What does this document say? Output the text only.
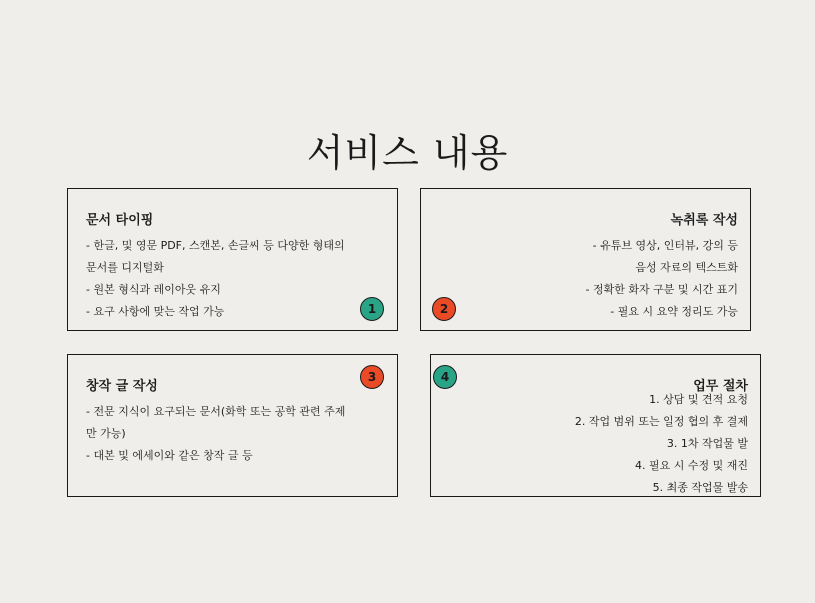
서비스 내용
문서 타이핑
- 한글, 및 영문 PDF, 스캔본, 손글씨 등 다양한 형태의
문서를 디지털화
- 원본 형식과 레이아웃 유지
- 요구 사항에 맞는 작업 가능	1
녹취록 작성
- 유튜브 영상, 인터뷰, 강의 등
음성 자료의 텍스트화
- 정확한 화자 구분 및 시간 표기
- 필요 시 요약 정리도 가능
2
창작 글 작성
- 전문 지식이 요구되는 문서(화학 또는 공학 관련 주제
만 가능)
- 대본 및 에세이와 같은 창작 글 등
3
업무 절차
1. 상담 및 견적 요청
2. 작업 범위 또는 일정 협의 후 결제
3. 1차 작업물 발
4. 필요 시 수정 및 재진
5. 최종 작업물 발송
4
